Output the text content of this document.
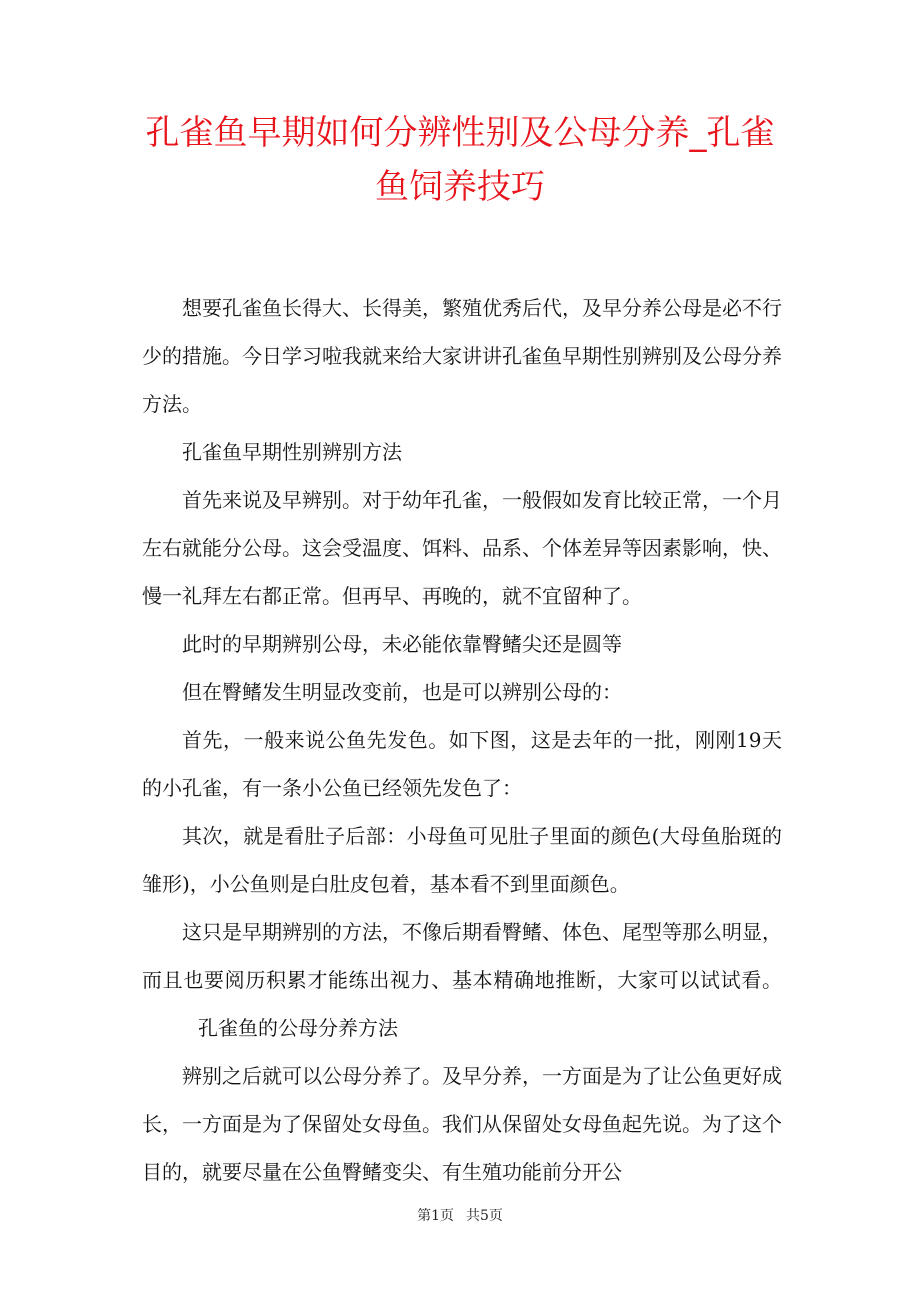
孔雀鱼早期如何分辨性别及公母分养_孔雀
鱼饲养技巧

想要孔雀鱼长得大、长得美，繁殖优秀后代，及早分养公母是必不行少的措施。今日学习啦我就来给大家讲讲孔雀鱼早期性别辨别及公母分养方法。

孔雀鱼早期性别辨别方法

首先来说及早辨别。对于幼年孔雀，一般假如发育比较正常，一个月左右就能分公母。这会受温度、饵料、品系、个体差异等因素影响，快、慢一礼拜左右都正常。但再早、再晚的，就不宜留种了。

此时的早期辨别公母，未必能依靠臀鳍尖还是圆等

但在臀鳍发生明显改变前，也是可以辨别公母的：

首先，一般来说公鱼先发色。如下图，这是去年的一批，刚刚19天的小孔雀，有一条小公鱼已经领先发色了：

其次，就是看肚子后部：小母鱼可见肚子里面的颜色(大母鱼胎斑的雏形)，小公鱼则是白肚皮包着，基本看不到里面颜色。

这只是早期辨别的方法，不像后期看臀鳍、体色、尾型等那么明显，而且也要阅历积累才能练出视力、基本精确地推断，大家可以试试看。孔雀鱼的公母分养方法

辨别之后就可以公母分养了。及早分养，一方面是为了让公鱼更好成长，一方面是为了保留处女母鱼。我们从保留处女母鱼起先说。为了这个目的，就要尽量在公鱼臀鳍变尖、有生殖功能前分开公

第1页 共5页
